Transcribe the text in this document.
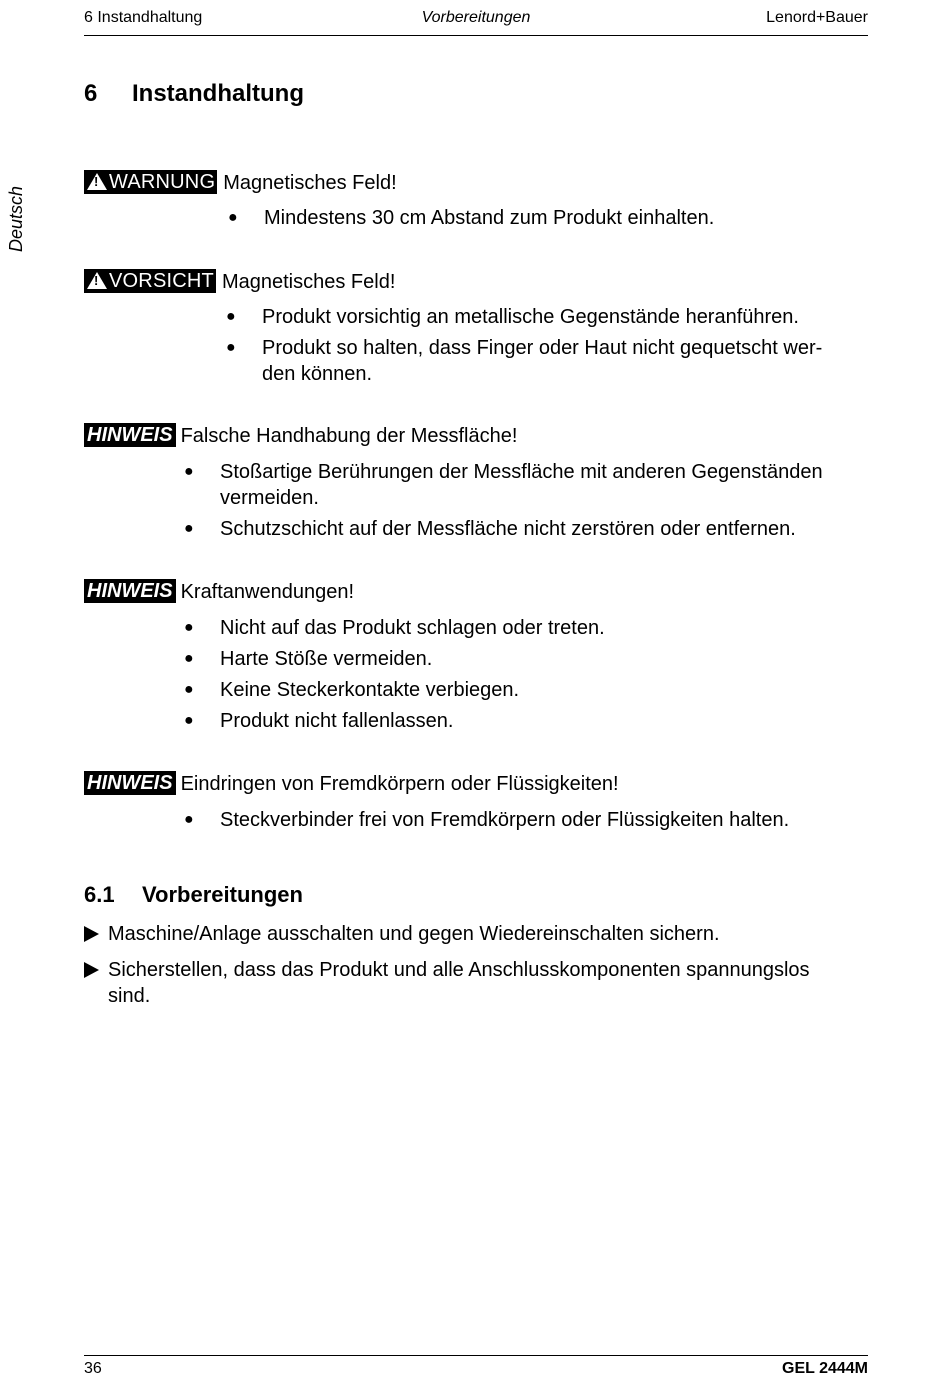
6 Instandhaltung	Vorbereitungen	Lenord+Bauer
Deutsch
6 Instandhaltung
!WARNUNG Magnetisches Feld!
● Mindestens 30 cm Abstand zum Produkt einhalten.
!VORSICHT Magnetisches Feld!
● Produkt vorsichtig an metallische Gegenstände heranführen.
● Produkt so halten, dass Finger oder Haut nicht gequetscht wer-den können.
HINWEIS Falsche Handhabung der Messfläche!
● Stoßartige Berührungen der Messfläche mit anderen Gegenständen vermeiden.
● Schutzschicht auf der Messfläche nicht zerstören oder entfernen.
HINWEIS Kraftanwendungen!
● Nicht auf das Produkt schlagen oder treten.
● Harte Stöße vermeiden.
● Keine Steckerkontakte verbiegen.
● Produkt nicht fallenlassen.
HINWEIS Eindringen von Fremdkörpern oder Flüssigkeiten!
● Steckverbinder frei von Fremdkörpern oder Flüssigkeiten halten.
6.1 Vorbereitungen
Maschine/Anlage ausschalten und gegen Wiedereinschalten sichern.
Sicherstellen, dass das Produkt und alle Anschlusskomponenten spannungslos sind.
36	GEL 2444M
